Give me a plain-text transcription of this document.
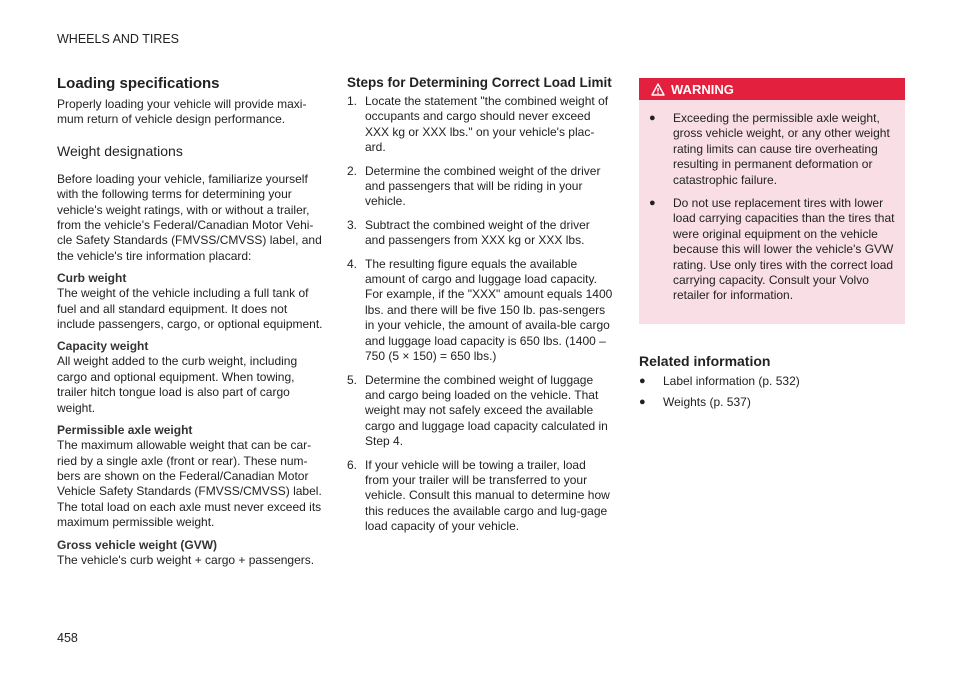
WHEELS AND TIRES
Loading specifications

Properly loading your vehicle will provide maxi-mum return of vehicle design performance.

Weight designations

Before loading your vehicle, familiarize yourself with the following terms for determining your vehicle's weight ratings, with or without a trailer, from the vehicle's Federal/Canadian Motor Vehi-cle Safety Standards (FMVSS/CMVSS) label, and the vehicle's tire information placard:

Curb weight

The weight of the vehicle including a full tank of fuel and all standard equipment. It does not include passengers, cargo, or optional equipment.

Capacity weight

All weight added to the curb weight, including cargo and optional equipment. When towing, trailer hitch tongue load is also part of cargo weight.

Permissible axle weight

The maximum allowable weight that can be car-ried by a single axle (front or rear). These num-bers are shown on the Federal/Canadian Motor Vehicle Safety Standards (FMVSS/CMVSS) label. The total load on each axle must never exceed its maximum permissible weight.

Gross vehicle weight (GVW)

The vehicle's curb weight + cargo + passengers.

Steps for Determining Correct Load Limit
1. Locate the statement "the combined weight of occupants and cargo should never exceed XXX kg or XXX lbs." on your vehicle's plac-ard.
2. Determine the combined weight of the driver and passengers that will be riding in your vehicle.
3. Subtract the combined weight of the driver and passengers from XXX kg or XXX lbs.
4. The resulting figure equals the available amount of cargo and luggage load capacity. For example, if the "XXX" amount equals 1400 lbs. and there will be five 150 lb. pas-sengers in your vehicle, the amount of availa-ble cargo and luggage load capacity is 650 lbs. (1400 – 750 (5 × 150) = 650 lbs.)
5. Determine the combined weight of luggage and cargo being loaded on the vehicle. That weight may not safely exceed the available cargo and luggage load capacity calculated in Step 4.
6. If your vehicle will be towing a trailer, load from your trailer will be transferred to your vehicle. Consult this manual to determine how this reduces the available cargo and lug-gage load capacity of your vehicle.
WARNING
●	Exceeding the permissible axle weight, gross vehicle weight, or any other weight rating limits can cause tire overheating resulting in permanent deformation or catastrophic failure.
●	Do not use replacement tires with lower load carrying capacities than the tires that were original equipment on the vehicle because this will lower the vehicle's GVW rating. Use only tires with the correct load carrying capacity. Consult your Volvo retailer for information.
Related information
●	Label information (p. 532)
●	Weights (p. 537)
458
